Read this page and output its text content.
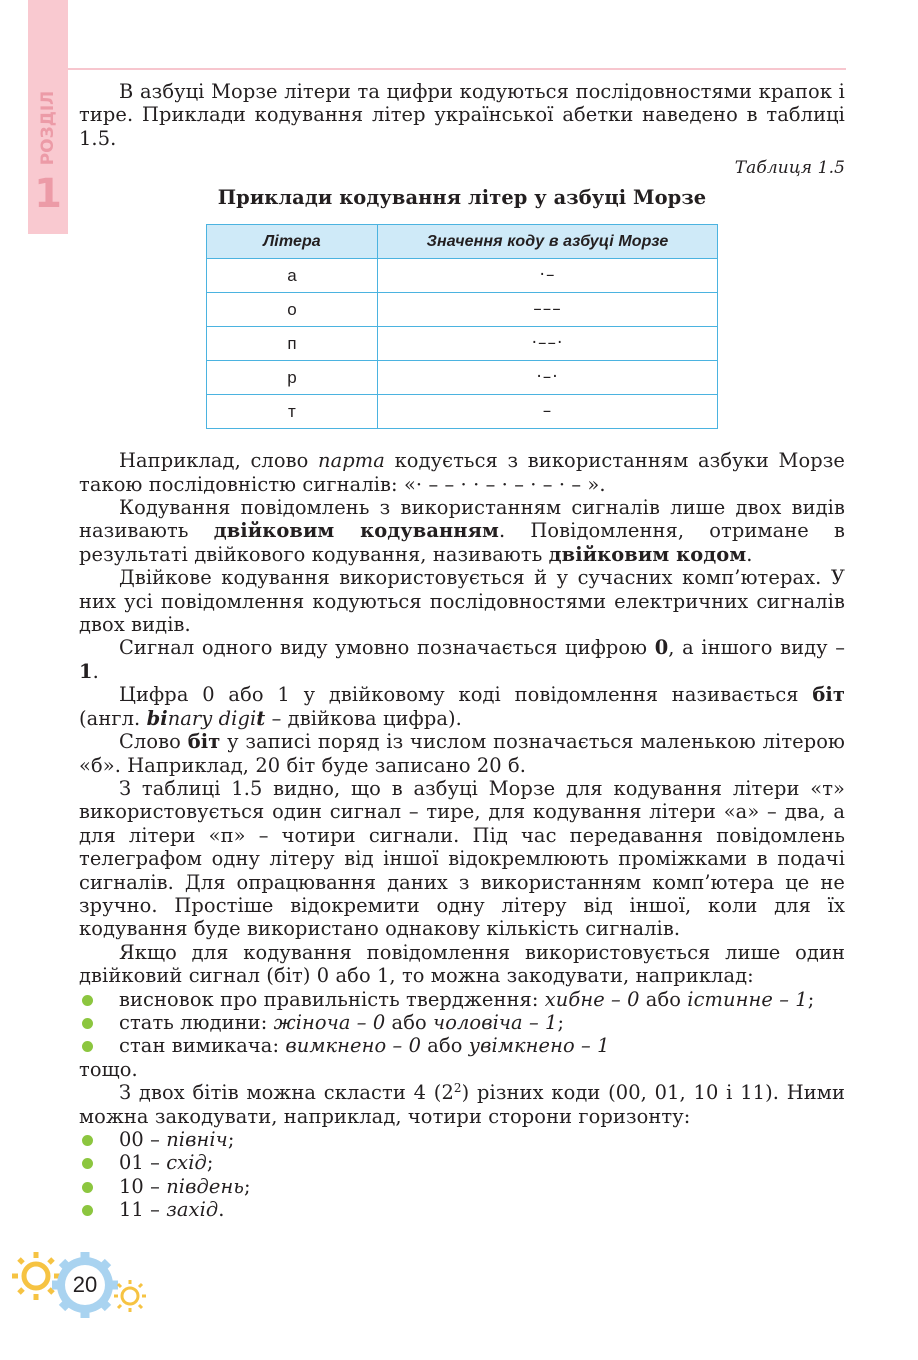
РОЗДІЛ
1

В азбуці Морзе літери та цифри кодуються послідовностями крапок і тире. Приклади кодування літер української абетки наведено в таблиці 1.5.

Таблиця 1.5
Приклади кодування літер у азбуці Морзе
Літера	Значення коду в азбуці Морзе
а	·–
о	–––
п	·––·
р	·–·
т	–

Наприклад, слово парта кодується з використанням азбуки Морзе такою послідовністю сигналів: «· – – · · – · – · – · – ».

Кодування повідомлень з використанням сигналів лише двох видів називають двійковим кодуванням. Повідомлення, отримане в результаті двійкового кодування, називають двійковим кодом.

Двійкове кодування використовується й у сучасних комп’ютерах. У них усі повідомлення кодуються послідовностями електричних сигналів двох видів.

Сигнал одного виду умовно позначається цифрою 0, а іншого виду – 1.

Цифра 0 або 1 у двійковому коді повідомлення називається біт (англ. binary digit – двійкова цифра).

Слово біт у записі поряд із числом позначається маленькою літерою «б». Наприклад, 20 біт буде записано 20 б.

З таблиці 1.5 видно, що в азбуці Морзе для кодування літери «т» використовується один сигнал – тире, для кодування літери «а» – два, а для літери «п» – чотири сигнали. Під час передавання повідомлень телеграфом одну літеру від іншої відокремлюють проміжками в подачі сигналів. Для опрацювання даних з використанням комп’ютера це не зручно. Простіше відокремити одну літеру від іншої, коли для їх кодування буде використано однакову кількість сигналів.

Якщо для кодування повідомлення використовується лише один двійковий сигнал (біт) 0 або 1, то можна закодувати, наприклад:

висновок про правильність твердження: хибне – 0 або істинне – 1;
стать людини: жіноча – 0 або чоловіча – 1;
стан вимикача: вимкнено – 0 або увімкнено – 1

тощо.

З двох бітів можна скласти 4 $(2^2)$ різних коди (00, 01, 10 і 11). Ними можна закодувати, наприклад, чотири сторони горизонту:

00 – північ;
01 – схід;
10 – південь;
11 – захід.
20
